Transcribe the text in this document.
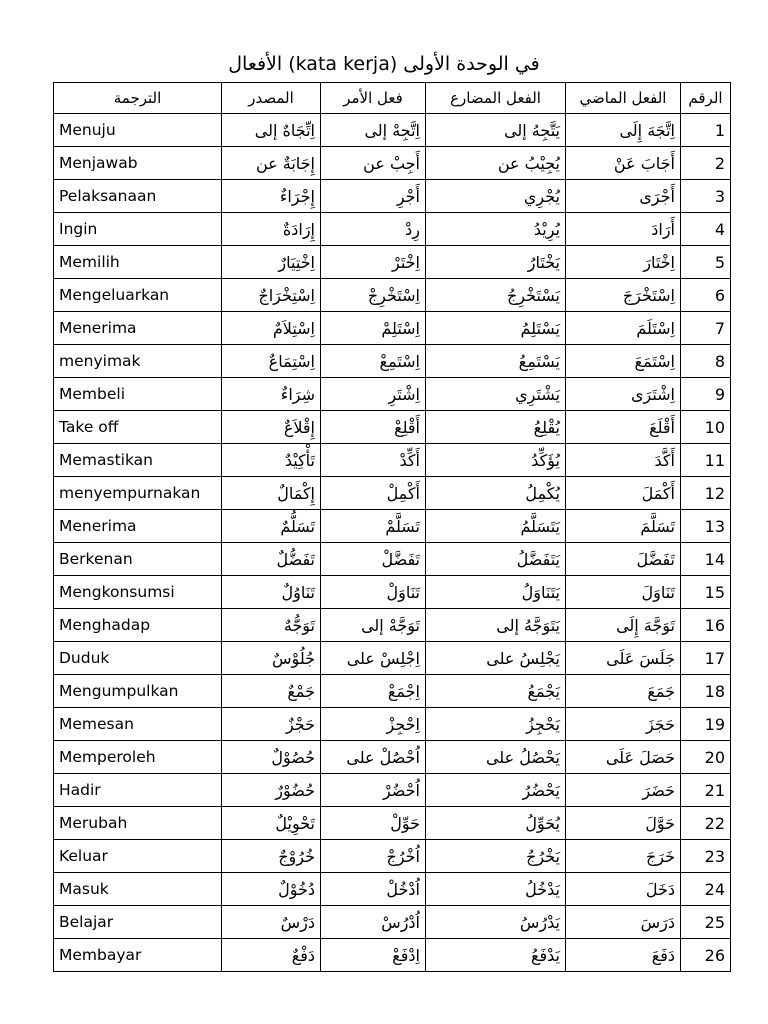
الأفعال (kata kerja) في الوحدة الأولى
الترجمة	المصدر	فعل الأمر	الفعل المضارع	الفعل الماضي	الرقم
Menuju	اِتِّجَاهٌ إلى	اِتَّجِهْ إلى	يَتَّجِهُ إلى	اِتَّجَهَ إِلَى	1
Menjawab	إِجَابَةٌ عن	أَجِبْ عن	يُجِيْبُ عن	أَجَابَ عَنْ	2
Pelaksanaan	إِجْرَاءٌ	أَجْرِ	يُجْرِي	أَجْرَى	3
Ingin	إِرَادَةٌ	رِدْ	يُرِيْدُ	أَرَادَ	4
Memilih	اِخْتِيَارٌ	اِخْتَرْ	يَخْتَارُ	اِخْتَارَ	5
Mengeluarkan	اِسْتِخْرَاجٌ	اِسْتَخْرِجْ	يَسْتَخْرِجُ	اِسْتَخْرَجَ	6
Menerima	اِسْتِلاَمٌ	اِسْتَلِمْ	يَسْتَلِمُ	اِسْتَلَمَ	7
menyimak	اِسْتِمَاعٌ	اِسْتَمِعْ	يَسْتَمِعُ	اِسْتَمَعَ	8
Membeli	شِرَاءٌ	اِشْتَرِ	يَشْتَرِي	اِشْتَرَى	9
Take off	إِقْلاَعٌ	أَقْلِعْ	يُقْلِعُ	أَقْلَعَ	10
Memastikan	تَأْكِيْدٌ	أَكِّدْ	يُؤَكِّدُ	أَكَّدَ	11
menyempurnakan	إِكْمَالٌ	أَكْمِلْ	يُكْمِلُ	أَكْمَلَ	12
Menerima	تَسَلُّمٌ	تَسَلَّمْ	يَتَسَلَّمُ	تَسَلَّمَ	13
Berkenan	تَفَضُّلٌ	تَفَضَّلْ	يَتَفَضَّلُ	تَفَضَّلَ	14
Mengkonsumsi	تَنَاوُلٌ	تَنَاوَلْ	يَتَنَاوَلُ	تَنَاوَلَ	15
Menghadap	تَوَجُّهٌ	تَوَجَّهْ إلى	يَتَوَجَّهُ إلى	تَوَجَّهَ إِلَى	16
Duduk	جُلُوْسٌ	اِجْلِسْ على	يَجْلِسُ على	جَلَسَ عَلَى	17
Mengumpulkan	جَمْعٌ	اِجْمَعْ	يَجْمَعُ	جَمَعَ	18
Memesan	حَجْزٌ	اِحْجِزْ	يَحْجِزُ	حَجَزَ	19
Memperoleh	حُصُوْلٌ	اُحْصُلْ على	يَحْصُلُ على	حَصَلَ عَلَى	20
Hadir	حُضُوْرٌ	اُحْضُرْ	يَحْضُرُ	حَضَرَ	21
Merubah	تَحْوِيْلٌ	حَوِّلْ	يُحَوِّلُ	حَوَّلَ	22
Keluar	خُرُوْجٌ	اُخْرُجْ	يَخْرُجُ	خَرَجَ	23
Masuk	دُخُوْلٌ	اُدْخُلْ	يَدْخُلُ	دَخَلَ	24
Belajar	دَرْسٌ	اُدْرُسْ	يَدْرُسُ	دَرَسَ	25
Membayar	دَفْعٌ	اِدْفَعْ	يَدْفَعُ	دَفَعَ	26
